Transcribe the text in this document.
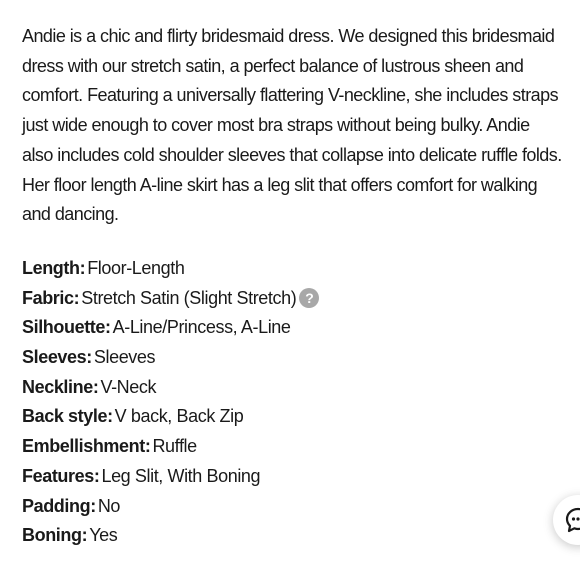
Andie is a chic and flirty bridesmaid dress. We designed this bridesmaid dress with our stretch satin, a perfect balance of lustrous sheen and comfort. Featuring a universally flattering V-neckline, she includes straps just wide enough to cover most bra straps without being bulky. Andie also includes cold shoulder sleeves that collapse into delicate ruffle folds. Her floor length A-line skirt has a leg slit that offers comfort for walking and dancing.

Length : Floor-Length
Fabric : Stretch Satin (Slight Stretch) ?
Silhouette : A-Line/Princess, A-Line
Sleeves : Sleeves
Neckline : V-Neck
Back style : V back, Back Zip
Embellishment : Ruffle
Features : Leg Slit, With Boning
Padding : No
Boning : Yes
